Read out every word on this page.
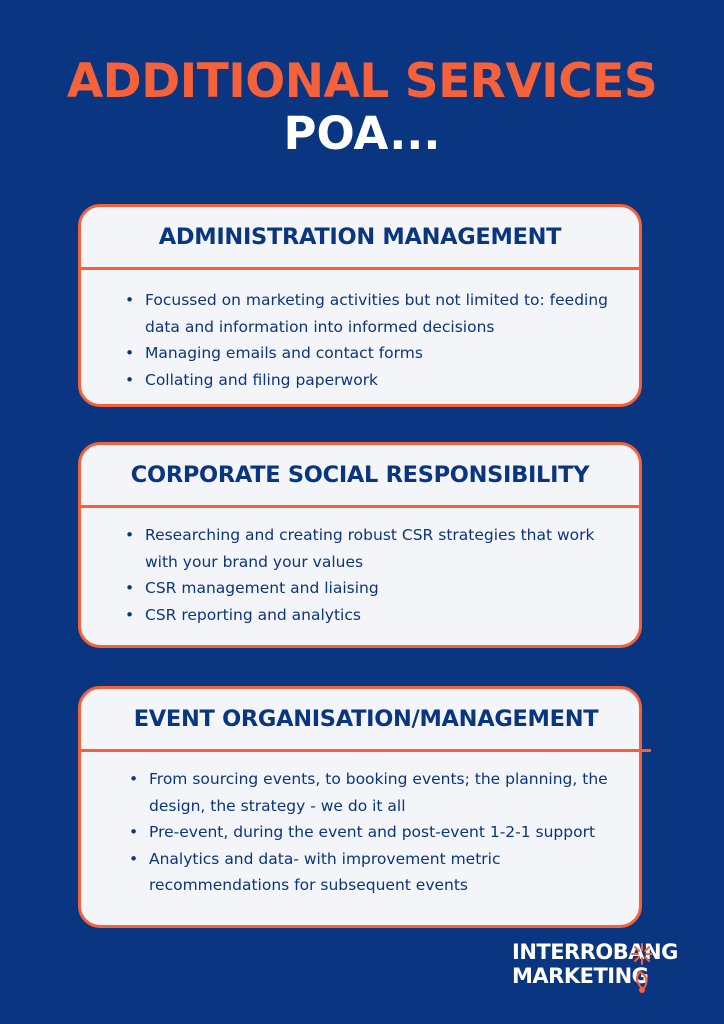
ADDITIONAL SERVICES
POA...
ADMINISTRATION MANAGEMENT
• Focussed on marketing activities but not limited to: feeding data and information into informed decisions
• Managing emails and contact forms
• Collating and filing paperwork
CORPORATE SOCIAL RESPONSIBILITY
• Researching and creating robust CSR strategies that work with your brand your values
• CSR management and liaising
• CSR reporting and analytics
EVENT ORGANISATION/MANAGEMENT
• From sourcing events, to booking events; the planning, the design, the strategy - we do it all
• Pre-event, during the event and post-event 1-2-1 support
• Analytics and data- with improvement metric recommendations for subsequent events
INTERROBANG
MARKETING
